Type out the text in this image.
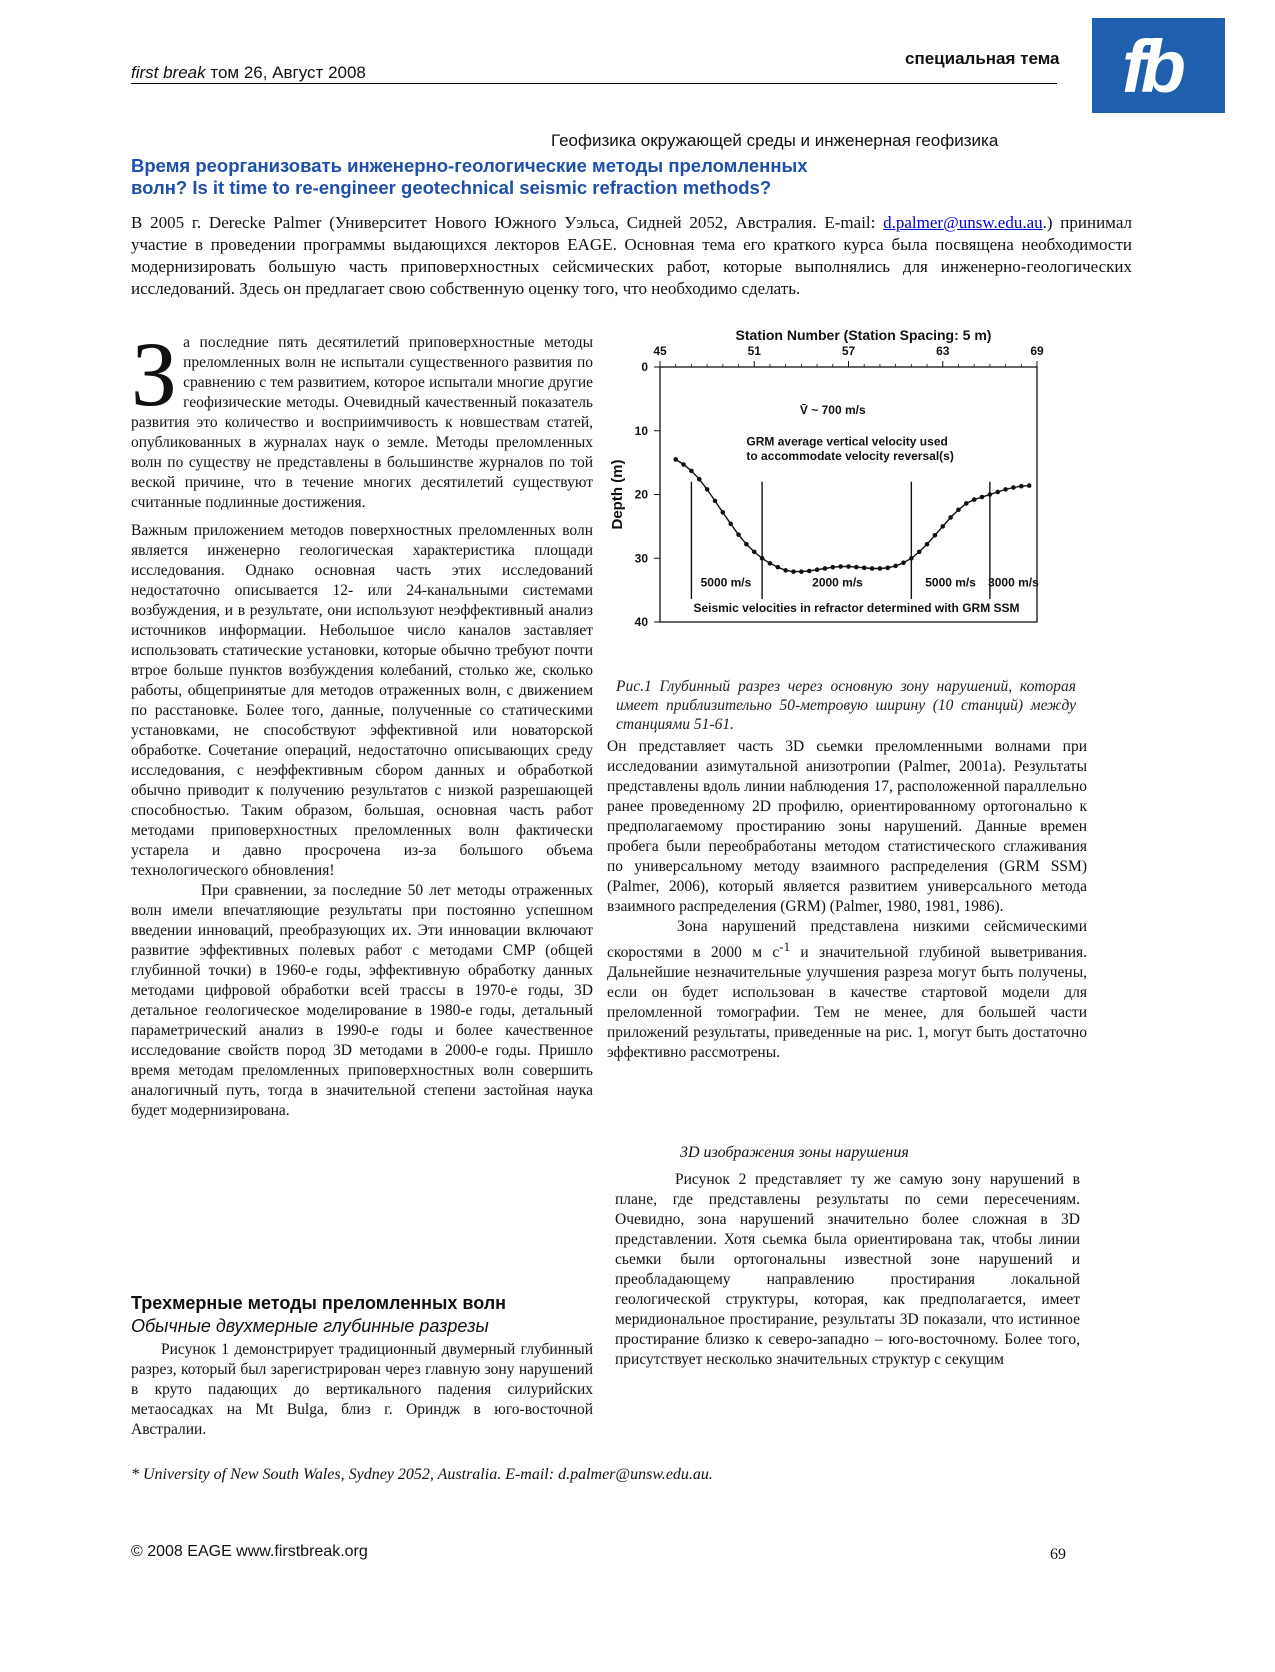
first break том 26, Август 2008
специальная тема fb
Геофизика окружающей среды и инженерная геофизика
Время реорганизовать инженерно-геологические методы преломленных
волн? Is it time to re-engineer geotechnical seismic refraction methods?

В 2005 г. Derecke Palmer (Университет Нового Южного Уэльса, Сидней 2052, Австралия. E-mail: d.palmer@unsw.edu.au.) принимал участие в проведении программы выдающихся лекторов EAGE. Основная тема его краткого курса была посвящена необходимости модернизировать большую часть приповерхностных сейсмических работ, которые выполнялись для инженерно-геологических исследований. Здесь он предлагает свою собственную оценку того, что необходимо сделать.

За последние пять десятилетий приповерхностные методы преломленных волн не испытали существенного развития по сравнению с тем развитием, которое испытали многие другие геофизические методы. Очевидный качественный показатель развития это количество и восприимчивость к новшествам статей, опубликованных в журналах наук о земле. Методы преломленных волн по существу не представлены в большинстве журналов по той веской причине, что в течение многих десятилетий существуют считанные подлинные достижения.

Важным приложением методов поверхностных преломленных волн является инженерно геологическая характеристика площади исследования. Однако основная часть этих исследований недостаточно описывается 12- или 24-канальными системами возбуждения, и в результате, они используют неэффективный анализ источников информации. Небольшое число каналов заставляет использовать статические установки, которые обычно требуют почти втрое больше пунктов возбуждения колебаний, столько же, сколько работы, общепринятые для методов отраженных волн, с движением по расстановке. Более того, данные, полученные со статическими установками, не способствуют эффективной или новаторской обработке. Сочетание операций, недостаточно описывающих среду исследования, с неэффективным сбором данных и обработкой обычно приводит к получению результатов с низкой разрешающей способностью. Таким образом, большая, основная часть работ методами приповерхностных преломленных волн фактически устарела и давно просрочена из-за большого объема технологического обновления!

При сравнении, за последние 50 лет методы отраженных волн имели впечатляющие результаты при постоянно успешном введении инноваций, преобразующих их. Эти инновации включают развитие эффективных полевых работ с методами CMP (общей глубинной точки) в 1960-е годы, эффективную обработку данных методами цифровой обработки всей трассы в 1970-е годы, 3D детальное геологическое моделирование в 1980-е годы, детальный параметрический анализ в 1990-е годы и более качественное исследование свойств пород 3D методами в 2000-е годы. Пришло время методам преломленных приповерхностных волн совершить аналогичный путь, тогда в значительной степени застойная наука будет модернизирована.

Трехмерные методы преломленных волн
Обычные двухмерные глубинные разрезы

Рисунок 1 демонстрирует традиционный двумерный глубинный разрез, который был зарегистрирован через главную зону нарушений в круто падающих до вертикального падения силурийских метаосадках на Mt Bulga, близ г. Ориндж в юго-восточной Австралии.

Station Number (Station Spacing: 5 m)
45	51	57	63	69
0
10
20
30
40
Depth (m)
V̄ ~ 700 m/s
GRM average vertical velocity used
to accommodate velocity reversal(s)
5000 m/s	2000 m/s	5000 m/s 3000 m/s
Seismic velocities in refractor determined with GRM SSM
Рис.1 Глубинный разрез через основную зону нарушений, которая имеет приблизительно 50-метровую ширину (10 станций) между станциями 51-61.

Он представляет часть 3D сьемки преломленными волнами при исследовании азимутальной анизотропии (Palmer, 2001a). Результаты представлены вдоль линии наблюдения 17, расположенной параллельно ранее проведенному 2D профилю, ориентированному ортогонально к предполагаемому простиранию зоны нарушений. Данные времен пробега были переобработаны методом статистического сглаживания по универсальному методу взаимного распределения (GRM SSM) (Palmer, 2006), который является развитием универсального метода взаимного распределения (GRM) (Palmer, 1980, 1981, 1986).

Зона нарушений представлена низкими сейсмическими скоростями в 2000 м $с^{-1}$ и значительной глубиной выветривания. Дальнейшие незначительные улучшения разреза могут быть получены, если он будет использован в качестве стартовой модели для преломленной томографии. Тем не менее, для большей части приложений результаты, приведенные на рис. 1, могут быть достаточно эффективно рассмотрены.

3D изображения зоны нарушения

Рисунок 2 представляет ту же самую зону нарушений в плане, где представлены результаты по семи пересечениям. Очевидно, зона нарушений значительно более сложная в 3D представлении. Хотя сьемка была ориентирована так, чтобы линии сьемки были ортогональны известной зоне нарушений и преобладающему направлению простирания локальной геологической структуры, которая, как предполагается, имеет меридиональное простирание, результаты 3D показали, что истинное простирание близко к северо-западно – юго-восточному. Более того, присутствует несколько значительных структур с секущим

* University of New South Wales, Sydney 2052, Australia. E-mail: d.palmer@unsw.edu.au.
© 2008 EAGE www.firstbreak.org	69
